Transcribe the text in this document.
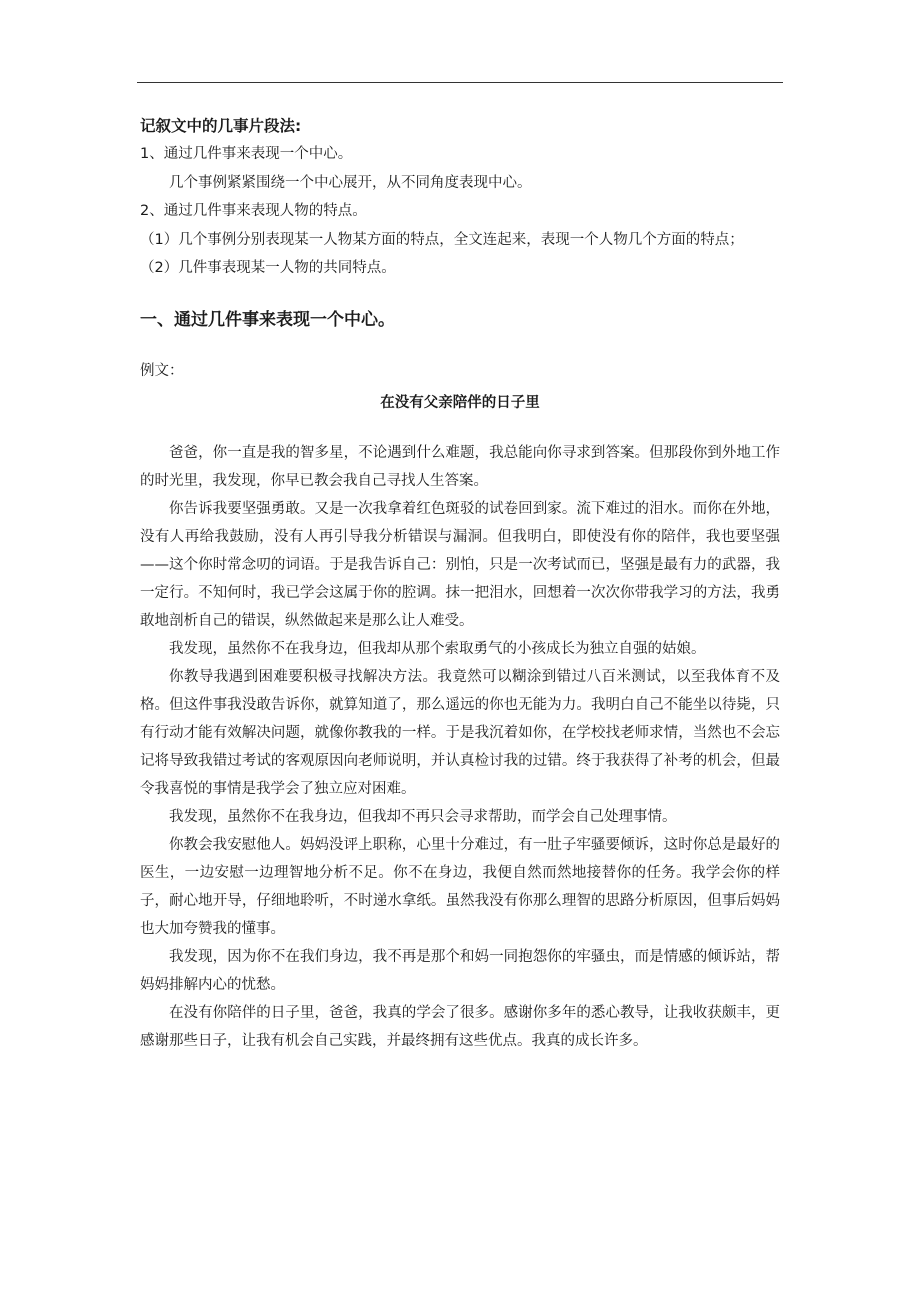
记叙文中的几事片段法:

1、通过几件事来表现一个中心。

几个事例紧紧围绕一个中心展开，从不同角度表现中心。

2、通过几件事来表现人物的特点。

（1）几个事例分别表现某一人物某方面的特点，全文连起来，表现一个人物几个方面的特点；

（2）几件事表现某一人物的共同特点。

一、通过几件事来表现一个中心。

例文：

在没有父亲陪伴的日子里

爸爸，你一直是我的智多星，不论遇到什么难题，我总能向你寻求到答案。但那段你到外地工作的时光里，我发现，你早已教会我自己寻找人生答案。

你告诉我要坚强勇敢。又是一次我拿着红色斑驳的试卷回到家。流下难过的泪水。而你在外地，没有人再给我鼓励，没有人再引导我分析错误与漏洞。但我明白，即使没有你的陪伴，我也要坚强——这个你时常念叨的词语。于是我告诉自己：别怕，只是一次考试而已，坚强是最有力的武器，我一定行。不知何时，我已学会这属于你的腔调。抹一把泪水，回想着一次次你带我学习的方法，我勇敢地剖析自己的错误，纵然做起来是那么让人难受。

我发现，虽然你不在我身边，但我却从那个索取勇气的小孩成长为独立自强的姑娘。

你教导我遇到困难要积极寻找解决方法。我竟然可以糊涂到错过八百米测试，以至我体育不及格。但这件事我没敢告诉你，就算知道了，那么遥远的你也无能为力。我明白自己不能坐以待毙，只有行动才能有效解决问题，就像你教我的一样。于是我沉着如你，在学校找老师求情，当然也不会忘记将导致我错过考试的客观原因向老师说明，并认真检讨我的过错。终于我获得了补考的机会，但最令我喜悦的事情是我学会了独立应对困难。

我发现，虽然你不在我身边，但我却不再只会寻求帮助，而学会自己处理事情。

你教会我安慰他人。妈妈没评上职称，心里十分难过，有一肚子牢骚要倾诉，这时你总是最好的医生，一边安慰一边理智地分析不足。你不在身边，我便自然而然地接替你的任务。我学会你的样子，耐心地开导，仔细地聆听，不时递水拿纸。虽然我没有你那么理智的思路分析原因，但事后妈妈也大加夸赞我的懂事。

我发现，因为你不在我们身边，我不再是那个和妈一同抱怨你的牢骚虫，而是情感的倾诉站，帮妈妈排解内心的忧愁。

在没有你陪伴的日子里，爸爸，我真的学会了很多。感谢你多年的悉心教导，让我收获颇丰，更感谢那些日子，让我有机会自己实践，并最终拥有这些优点。我真的成长许多。
